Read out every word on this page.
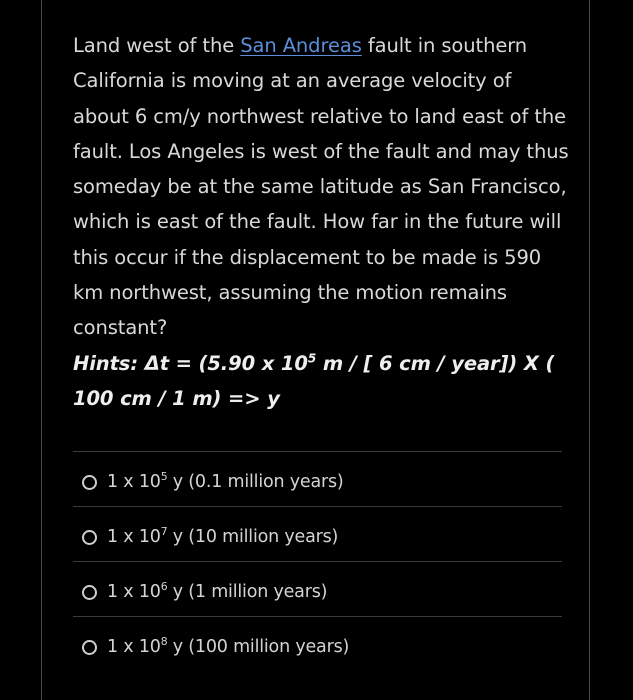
Land west of the San Andreas fault in southern California is moving at an average velocity of about 6 cm/y northwest relative to land east of the fault. Los Angeles is west of the fault and may thus someday be at the same latitude as San Francisco, which is east of the fault. How far in the future will this occur if the displacement to be made is 590 km northwest, assuming the motion remains constant?
Hints: Δt = (5.90 x $10^5$ m / [ 6 cm / year]) X ( 100 cm / 1 m) => y
1 x $10^5$ y (0.1 million years)
1 x $10^7$ y (10 million years)
1 x $10^6$ y (1 million years)
1 x $10^8$ y (100 million years)
